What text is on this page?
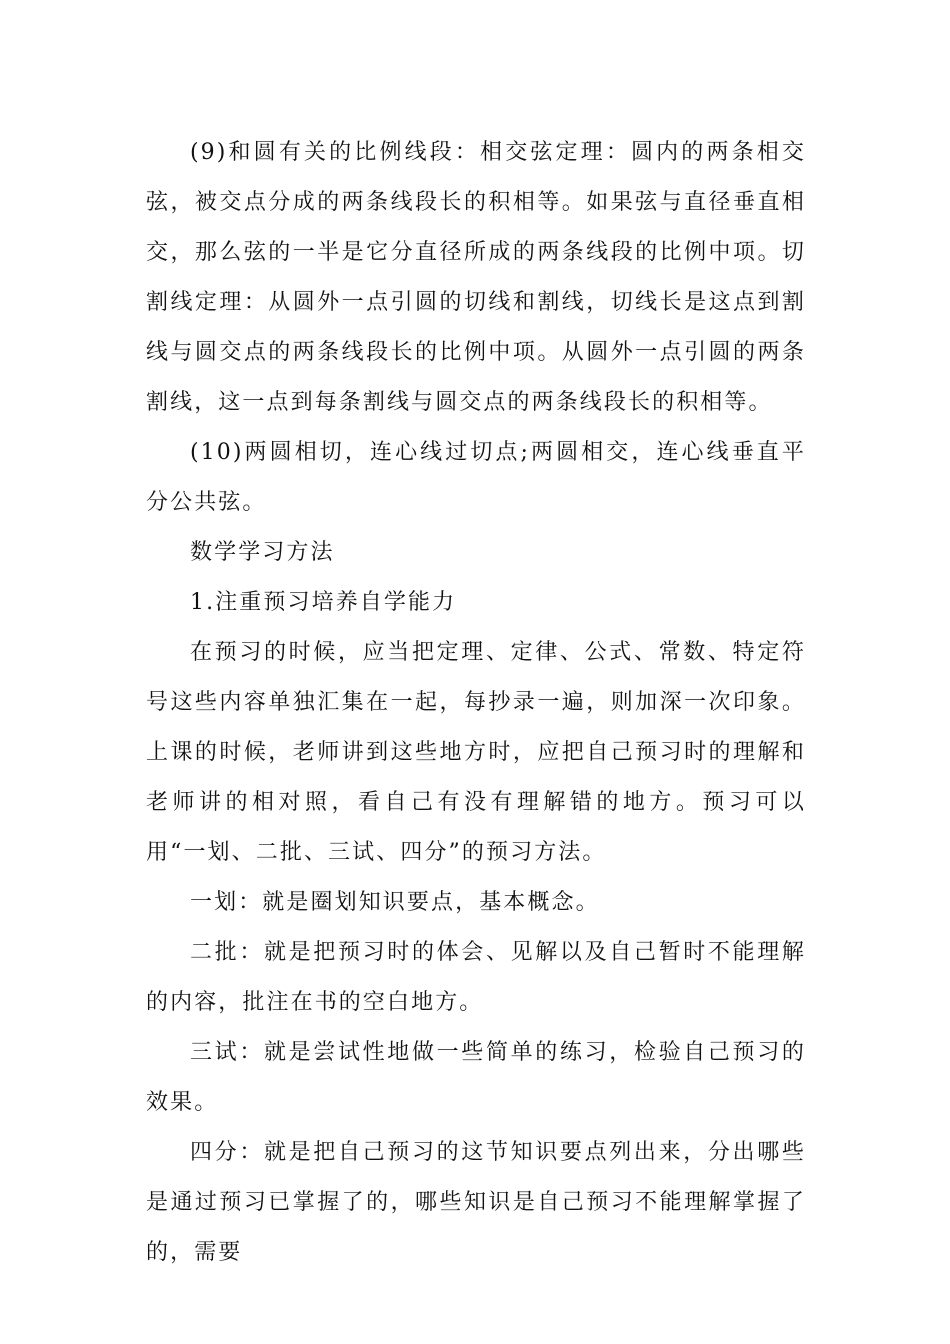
(9)和圆有关的比例线段：相交弦定理：圆内的两条相交弦，被交点分成的两条线段长的积相等。如果弦与直径垂直相交，那么弦的一半是它分直径所成的两条线段的比例中项。切割线定理：从圆外一点引圆的切线和割线，切线长是这点到割线与圆交点的两条线段长的比例中项。从圆外一点引圆的两条割线，这一点到每条割线与圆交点的两条线段长的积相等。

(10)两圆相切，连心线过切点;两圆相交，连心线垂直平分公共弦。

数学学习方法

1.注重预习培养自学能力

在预习的时候，应当把定理、定律、公式、常数、特定符号这些内容单独汇集在一起，每抄录一遍，则加深一次印象。上课的时候，老师讲到这些地方时，应把自己预习时的理解和老师讲的相对照，看自己有没有理解错的地方。预习可以用“一划、二批、三试、四分”的预习方法。

一划：就是圈划知识要点，基本概念。

二批：就是把预习时的体会、见解以及自己暂时不能理解的内容，批注在书的空白地方。

三试：就是尝试性地做一些简单的练习，检验自己预习的效果。

四分：就是把自己预习的这节知识要点列出来，分出哪些是通过预习已掌握了的，哪些知识是自己预习不能理解掌握了的，需要
